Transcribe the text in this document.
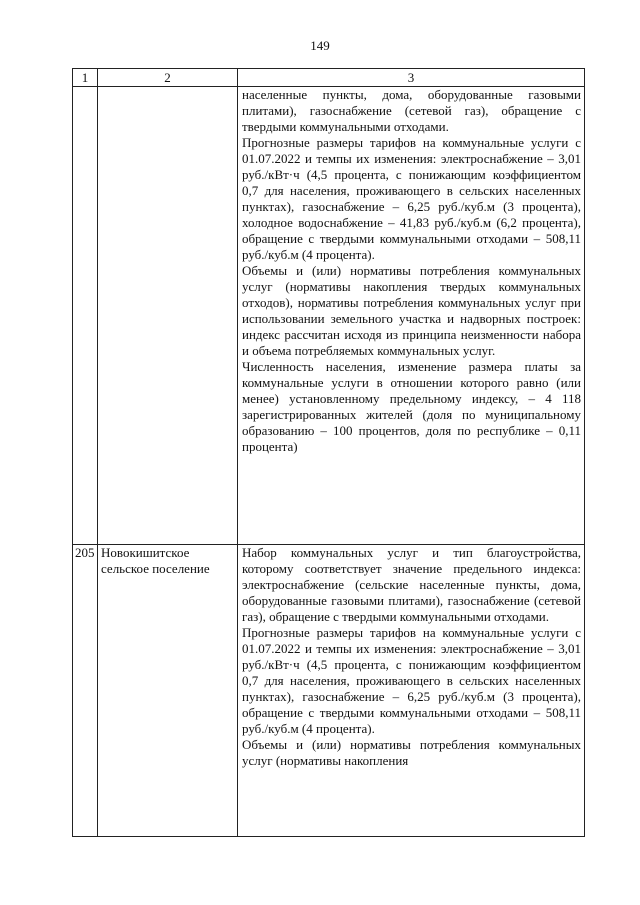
149
1	2	3

		населенные пункты, дома, оборудованные газовыми плитами), газоснабжение (сетевой газ), обращение с твердыми коммунальными отходами.

Прогнозные размеры тарифов на коммунальные услуги с 01.07.2022 и темпы их изменения: электроснабжение – 3,01 руб./кВт·ч (4,5 процента, с понижающим коэффициентом 0,7 для населения, проживающего в сельских населенных пунктах), газоснабжение – 6,25 руб./куб.м (3 процента), холодное водоснабжение – 41,83 руб./куб.м (6,2 процента), обращение с твердыми коммунальными отходами – 508,11 руб./куб.м (4 процента).

Объемы и (или) нормативы потребления коммунальных услуг (нормативы накопления твердых коммунальных отходов), нормативы потребления коммунальных услуг при использовании земельного участка и надворных построек: индекс рассчитан исходя из принципа неизменности набора и объема потребляемых коммунальных услуг.

Численность населения, изменение размера платы за коммунальные услуги в отношении которого равно (или менее) установленному предельному индексу, – 4 118 зарегистрированных жителей (доля по муниципальному образованию – 100 процентов, доля по республике – 0,11 процента)

205	Новокишитское сельское поселение	Набор коммунальных услуг и тип благоустройства, которому соответствует значение предельного индекса: электроснабжение (сельские населенные пункты, дома, оборудованные газовыми плитами), газоснабжение (сетевой газ), обращение с твердыми коммунальными отходами.

Прогнозные размеры тарифов на коммунальные услуги с 01.07.2022 и темпы их изменения: электроснабжение – 3,01 руб./кВт·ч (4,5 процента, с понижающим коэффициентом 0,7 для населения, проживающего в сельских населенных пунктах), газоснабжение – 6,25 руб./куб.м (3 процента), обращение с твердыми коммунальными отходами – 508,11 руб./куб.м (4 процента).

Объемы и (или) нормативы потребления коммунальных услуг (нормативы накопления
